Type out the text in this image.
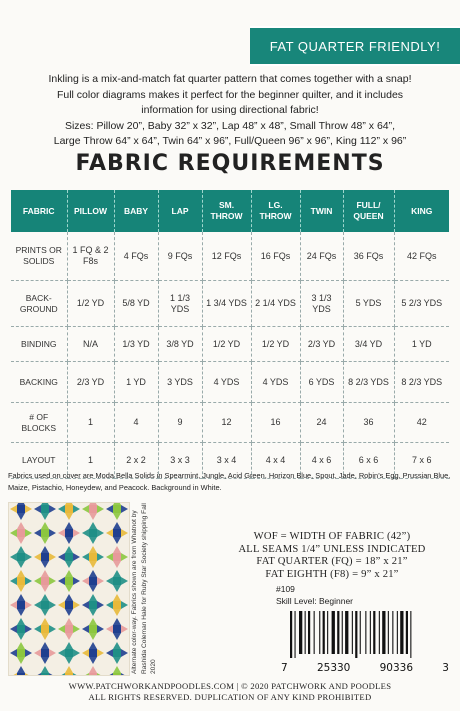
FAT QUARTER FRIENDLY!
Inkling is a mix-and-match fat quarter pattern that comes together with a snap!
Full color diagrams makes it perfect for the beginner quilter, and it includes
information for using directional fabric!
Sizes: Pillow 20”, Baby 32” x 32”, Lap 48” x 48”, Small Throw 48” x 64”,
Large Throw 64” x 64”, Twin 64” x 96”, Full/Queen 96” x 96”, King 112” x 96”
FABRIC REQUIREMENTS
FABRIC	PILLOW	BABY	LAP	SM. THROW	LG. THROW	TWIN	FULL/ QUEEN	KING
PRINTS OR SOLIDS	1 FQ & 2 F8s	4 FQs	9 FQs	12 FQs	16 FQs	24 FQs	36 FQs	42 FQs
BACK- GROUND	1/2 YD	5/8 YD	1 1/3 YDS	1 3/4 YDS	2 1/4 YDS	3 1/3 YDS	5 YDS	5 2/3 YDS
BINDING	N/A	1/3 YD	3/8 YD	1/2 YD	1/2 YD	2/3 YD	3/4 YD	1 YD
BACKING	2/3 YD	1 YD	3 YDS	4 YDS	4 YDS	6 YDS	8 2/3 YDS	8 2/3 YDS
# OF BLOCKS	1	4	9	12	16	24	36	42
LAYOUT	1	2 x 2	3 x 3	3 x 4	4 x 4	4 x 6	6 x 6	7 x 6
Fabrics used on cover are Moda Bella Solids in Spearmint, Jungle, Acid Green, Horizon Blue, Spout, Jade, Robin’s Egg, Prussian Blue, Maize, Pistachio, Honeydew, and Peacock. Background in White.
Alternate color-way. Fabrics shown are from Whatnot by Rashida Coleman Hale for Ruby Star Society shipping Fall 2020
WOF = WIDTH OF FABRIC (42”)
ALL SEAMS 1/4” UNLESS INDICATED
FAT QUARTER (FQ) = 18” x 21”
FAT EIGHTH (F8) = 9” x 21”
#109
Skill Level: Beginner
7	25330	90336	3
WWW.PATCHWORKANDPOODLES.COM | © 2020 PATCHWORK AND POODLES
ALL RIGHTS RESERVED. DUPLICATION OF ANY KIND PROHIBITED
